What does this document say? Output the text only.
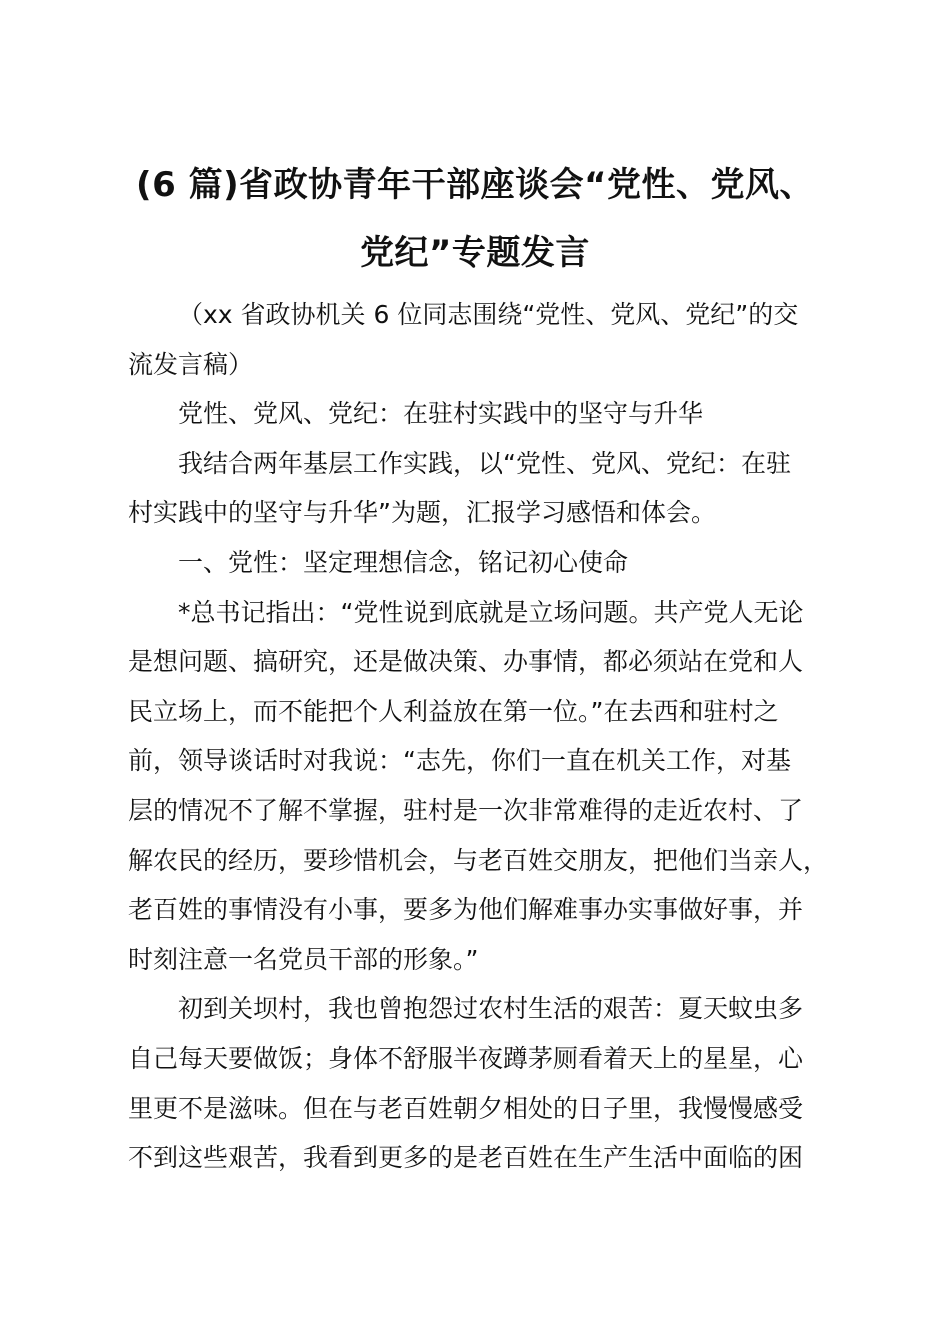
(6 篇)省政协青年干部座谈会“党性、党风、
党纪”专题发言

（xx 省政协机关 6 位同志围绕“党性、党风、党纪”的交

流发言稿）

党性、党风、党纪：在驻村实践中的坚守与升华

我结合两年基层工作实践，以“党性、党风、党纪：在驻

村实践中的坚守与升华”为题，汇报学习感悟和体会。

一、党性：坚定理想信念，铭记初心使命

*总书记指出：“党性说到底就是立场问题。共产党人无论

是想问题、搞研究，还是做决策、办事情，都必须站在党和人

民立场上，而不能把个人利益放在第一位。”在去西和驻村之

前，领导谈话时对我说：“志先，你们一直在机关工作，对基

层的情况不了解不掌握，驻村是一次非常难得的走近农村、了

解农民的经历，要珍惜机会，与老百姓交朋友，把他们当亲人，

老百姓的事情没有小事，要多为他们解难事办实事做好事，并

时刻注意一名党员干部的形象。”

初到关坝村，我也曾抱怨过农村生活的艰苦：夏天蚊虫多

自己每天要做饭；身体不舒服半夜蹲茅厕看着天上的星星，心

里更不是滋味。但在与老百姓朝夕相处的日子里，我慢慢感受

不到这些艰苦，我看到更多的是老百姓在生产生活中面临的困
